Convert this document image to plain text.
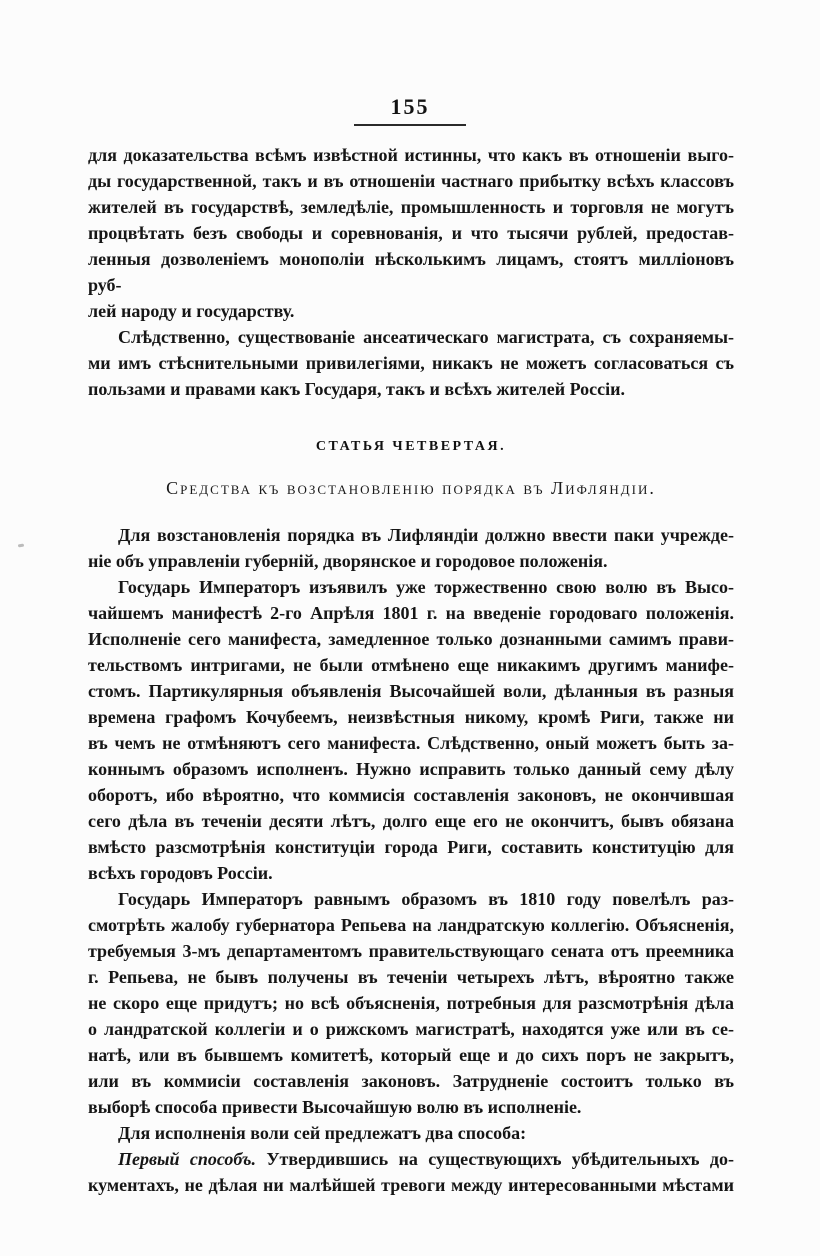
155
для доказательства всѣмъ извѣстной истинны, что какъ въ отношеніи выго-
ды государственной, такъ и въ отношеніи частнаго прибытку всѣхъ классовъ
жителей въ государствѣ, земледѣліе, промышленность и торговля не могутъ
процвѣтать безъ свободы и соревнованія, и что тысячи рублей, предостав-
ленныя дозволеніемъ монополіи нѣсколькимъ лицамъ, стоятъ милліоновъ руб-
лей народу и государству.
Слѣдственно, существованіе ансеатическаго магистрата, съ сохраняемы-
ми имъ стѣснительными привилегіями, никакъ не можетъ согласоваться съ
пользами и правами какъ Государя, такъ и всѣхъ жителей Россіи.
СТАТЬЯ ЧЕТВЕРТАЯ.
Средства къ возстановленію порядка въ Лифляндіи.
Для возстановленія порядка въ Лифляндіи должно ввести паки учрежде-
ніе объ управленіи губерній, дворянское и городовое положенія.
Государь Императоръ изъявилъ уже торжественно свою волю въ Высо-
чайшемъ манифестѣ 2-го Апрѣля 1801 г. на введеніе городоваго положенія.
Исполненіе сего манифеста, замедленное только дознанными самимъ прави-
тельствомъ интригами, не были отмѣнено еще никакимъ другимъ манифе-
стомъ. Партикулярныя объявленія Высочайшей воли, дѣланныя въ разныя
времена графомъ Кочубеемъ, неизвѣстныя никому, кромѣ Риги, также ни
въ чемъ не отмѣняютъ сего манифеста. Слѣдственно, оный можетъ быть за-
коннымъ образомъ исполненъ. Нужно исправить только данный сему дѣлу
оборотъ, ибо вѣроятно, что коммисія составленія законовъ, не окончившая
сего дѣла въ теченіи десяти лѣтъ, долго еще его не окончитъ, бывъ обязана
вмѣсто разсмотрѣнія конституціи города Риги, составить конституцію для
всѣхъ городовъ Россіи.
Государь Императоръ равнымъ образомъ въ 1810 году повелѣлъ раз-
смотрѣть жалобу губернатора Репьева на ландратскую коллегію. Объясненія,
требуемыя 3-мъ департаментомъ правительствующаго сената отъ преемника
г. Репьева, не бывъ получены въ теченіи четырехъ лѣтъ, вѣроятно также
не скоро еще придутъ; но всѣ объясненія, потребныя для разсмотрѣнія дѣла
о ландратской коллегіи и о рижскомъ магистратѣ, находятся уже или въ се-
натѣ, или въ бывшемъ комитетѣ, который еще и до сихъ поръ не закрытъ,
или въ коммисіи составленія законовъ. Затрудненіе состоитъ только въ
выборѣ способа привести Высочайшую волю въ исполненіе.
Для исполненія воли сей предлежатъ два способа:
Первый способъ. Утвердившись на существующихъ убѣдительныхъ до-
кументахъ, не дѣлая ни малѣйшей тревоги между интересованными мѣстами
